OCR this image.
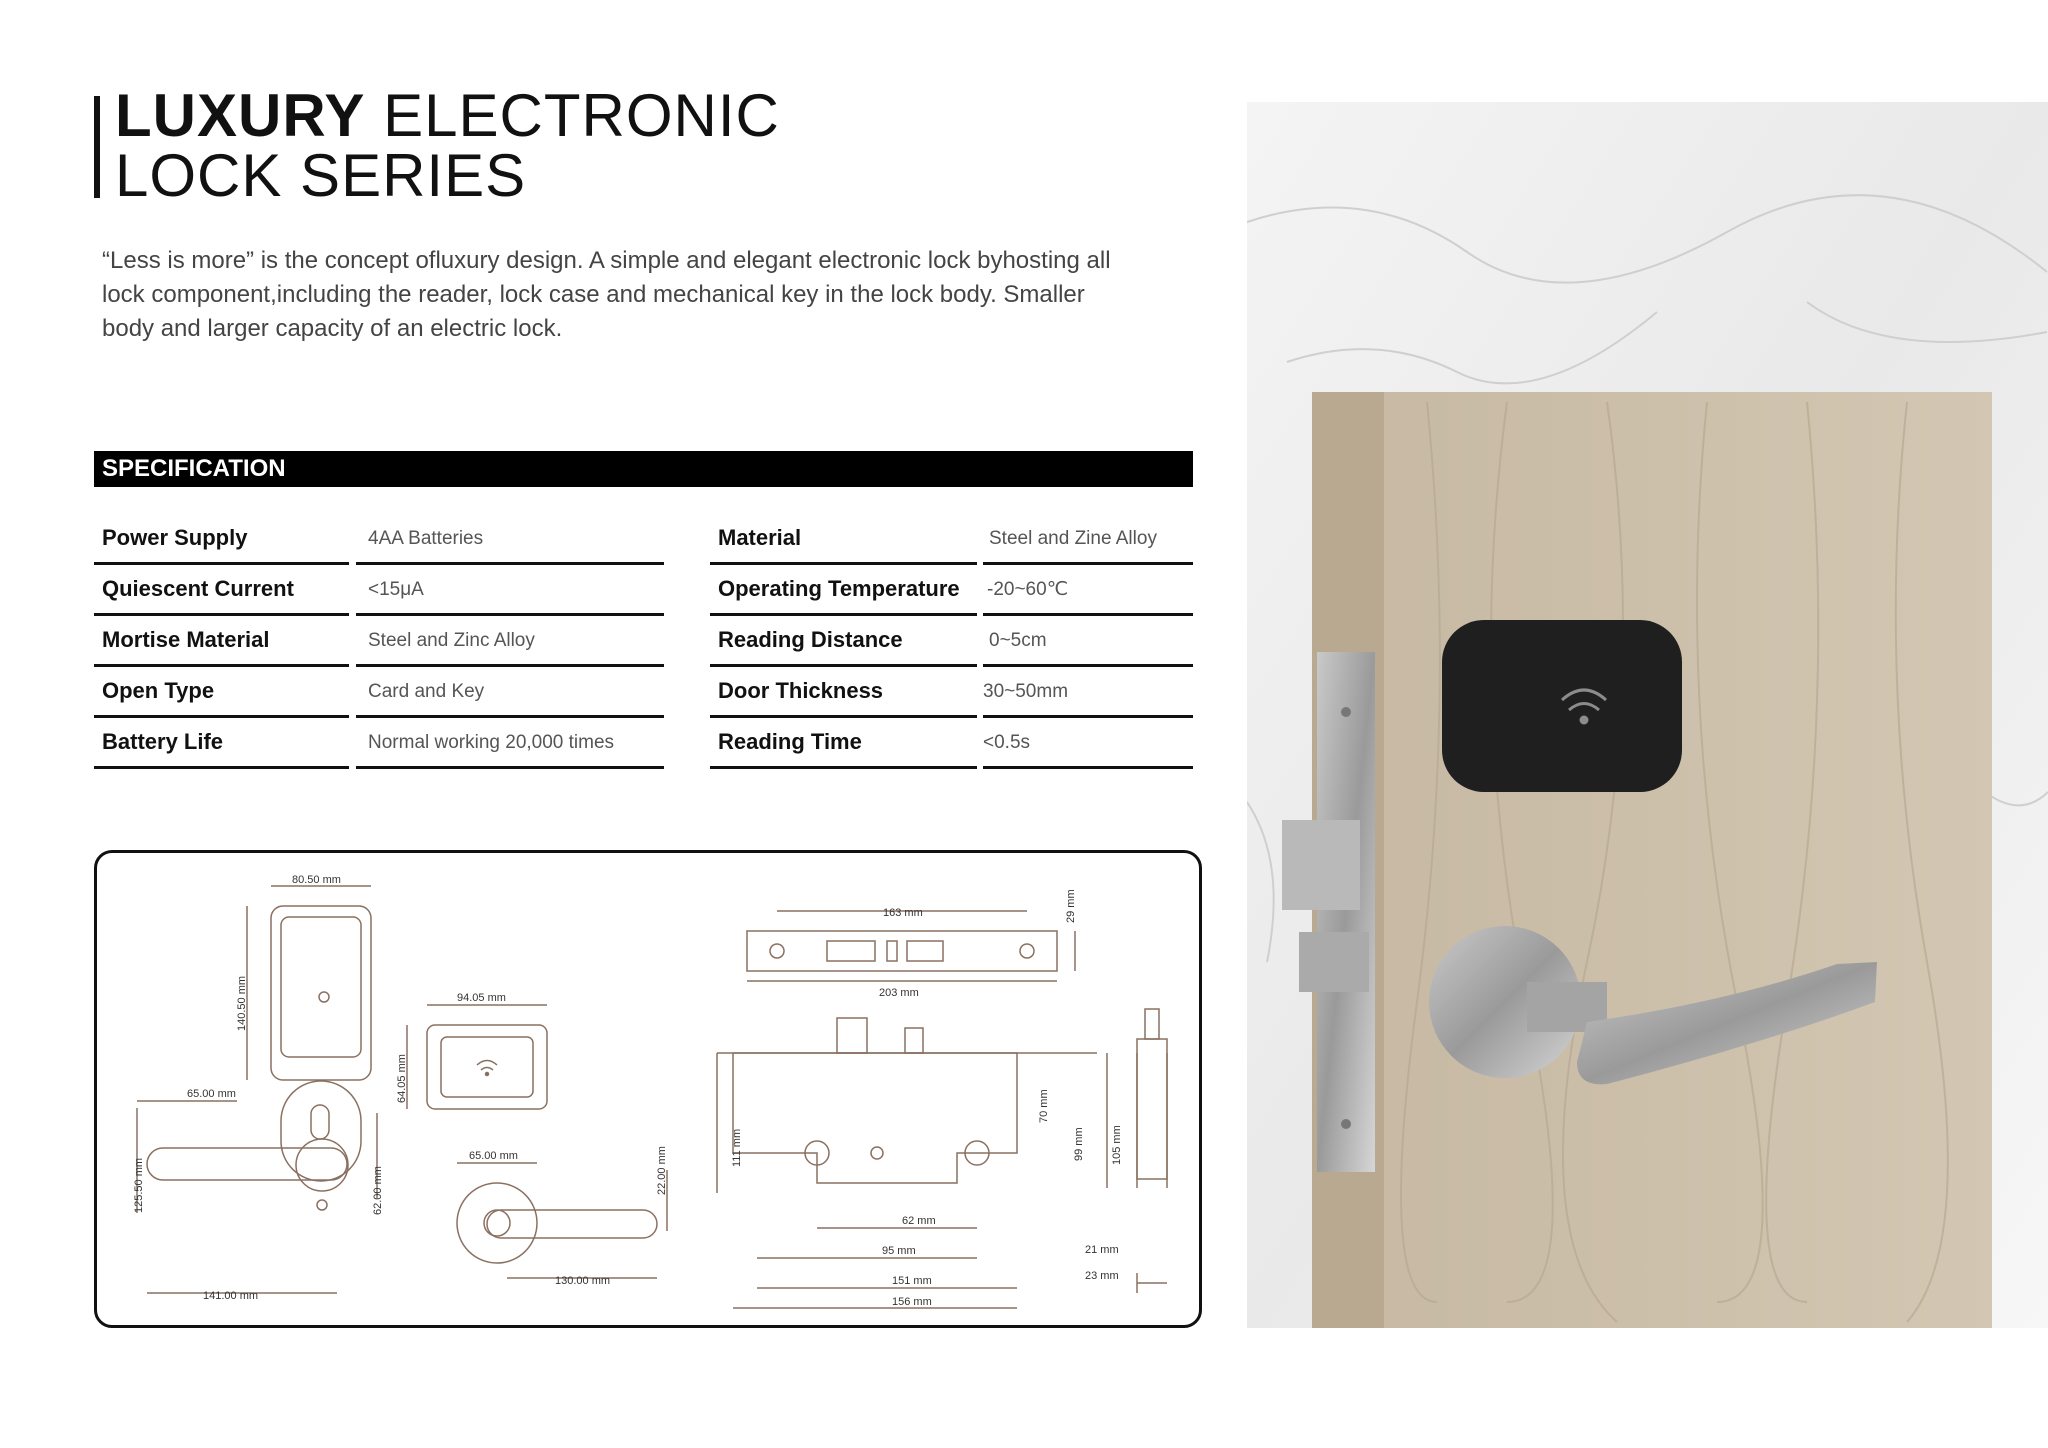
LUXURY ELECTRONIC
LOCK SERIES
“Less is more” is the concept ofluxury design. A simple and elegant electronic lock byhosting all lock component,including the reader, lock case and mechanical key in the lock body. Smaller body and larger capacity of an electric lock.
SPECIFICATION
Power Supply	4AA Batteries
Quiescent Current	<15μA
Mortise Material	Steel and Zinc Alloy
Open Type	Card and Key
Battery Life	Normal working 20,000 times
Material	Steel and Zine Alloy
Operating Temperature	-20~60℃
Reading Distance	0~5cm
Door Thickness	30~50mm
Reading Time	<0.5s
80.50 mm
140.50 mm	94.05 mm
64.05 mm
65.00 mm
125.50 mm	62.00 mm
65.00 mm	22.00 mm
141.00 mm
130.00 mm
163 mm	29 mm
203 mm
111 mm
70 mm
99 mm 105 mm
62 mm
95 mm
151 mm
156 mm
21 mm
23 mm
